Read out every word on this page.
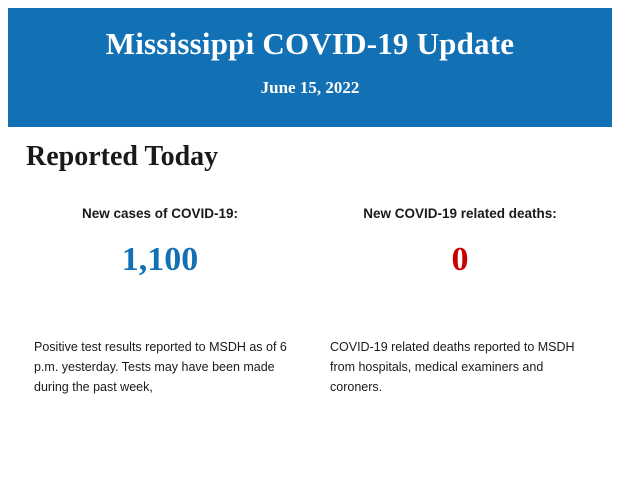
Mississippi COVID-19 Update
June 15, 2022
Reported Today
New cases of COVID-19:
1,100
Positive test results reported to MSDH as of 6 p.m. yesterday. Tests may have been made during the past week,
New COVID-19 related deaths:
0
COVID-19 related deaths reported to MSDH from hospitals, medical examiners and coroners.
